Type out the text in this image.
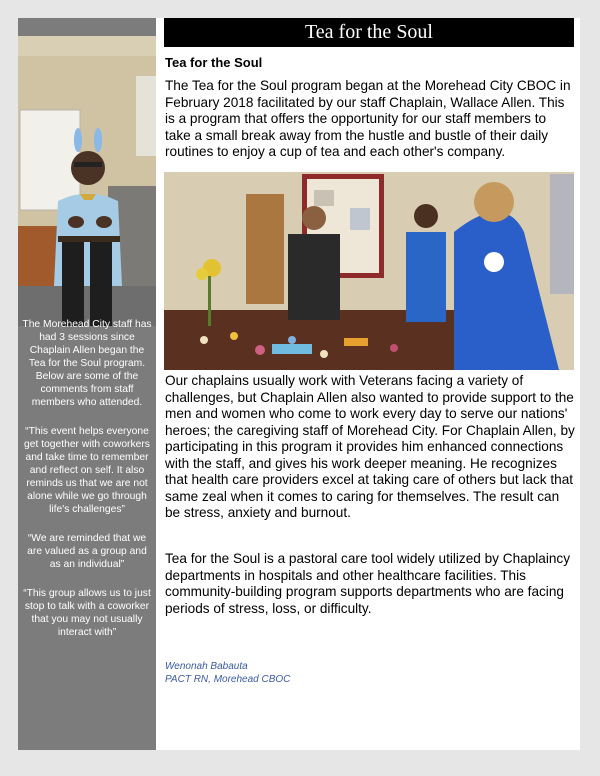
The Morehead City staff has had 3 sessions since Chaplain Allen began the Tea for the Soul program. Below are some of the comments from staff members who attended.

“This event helps everyone get together with coworkers and take time to remember and reflect on self. It also reminds us that we are not alone while we go through life's challenges”

“We are reminded that we are valued as a group and as an individual”

“This group allows us to just stop to talk with a coworker that you may not usually interact with”

Tea for the Soul
Tea for the Soul

The Tea for the Soul program began at the Morehead City CBOC in February 2018 facilitated by our staff Chaplain, Wallace Allen. This is a program that offers the opportunity for our staff members to take a small break away from the hustle and bustle of their daily routines to enjoy a cup of tea and each other's company.

Our chaplains usually work with Veterans facing a variety of challenges, but Chaplain Allen also wanted to provide support to the men and women who come to work every day to serve our nations' heroes; the caregiving staff of Morehead City. For Chaplain Allen, by participating in this program it provides him enhanced connections with the staff, and gives his work deeper meaning. He recognizes that health care providers excel at taking care of others but lack that same zeal when it comes to caring for themselves. The result can be stress, anxiety and burnout.

Tea for the Soul is a pastoral care tool widely utilized by Chaplaincy departments in hospitals and other healthcare facilities. This community-building program supports departments who are facing periods of stress, loss, or difficulty.

Wenonah Babauta
PACT RN, Morehead CBOC
